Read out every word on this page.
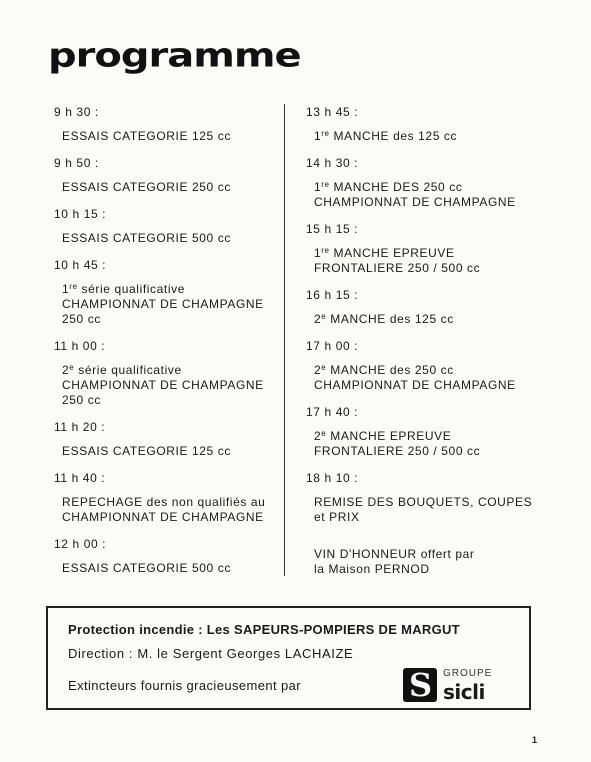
programme
9 h 30 :
ESSAIS CATEGORIE 125 cc
9 h 50 :
ESSAIS CATEGORIE 250 cc
10 h 15 :
ESSAIS CATEGORIE 500 cc
10 h 45 :
1re série qualificative
CHAMPIONNAT DE CHAMPAGNE
250 cc
11 h 00 :
2e série qualificative
CHAMPIONNAT DE CHAMPAGNE
250 cc
11 h 20 :
ESSAIS CATEGORIE 125 cc
11 h 40 :
REPECHAGE des non qualifiés au
CHAMPIONNAT DE CHAMPAGNE
12 h 00 :
ESSAIS CATEGORIE 500 cc
13 h 45 :
1re MANCHE des 125 cc
14 h 30 :
1re MANCHE DES 250 cc
CHAMPIONNAT DE CHAMPAGNE
15 h 15 :
1re MANCHE EPREUVE
FRONTALIERE 250 / 500 cc
16 h 15 :
2e MANCHE des 125 cc
17 h 00 :
2e MANCHE des 250 cc
CHAMPIONNAT DE CHAMPAGNE
17 h 40 :
2e MANCHE EPREUVE
FRONTALIERE 250 / 500 cc
18 h 10 :
REMISE DES BOUQUETS, COUPES
et PRIX
VIN D'HONNEUR offert par
la Maison PERNOD
Protection incendie : Les SAPEURS-POMPIERS DE MARGUT
Direction : M. le Sergent Georges LACHAIZE
Extincteurs fournis gracieusement par	S GROUPE
sicli
1
